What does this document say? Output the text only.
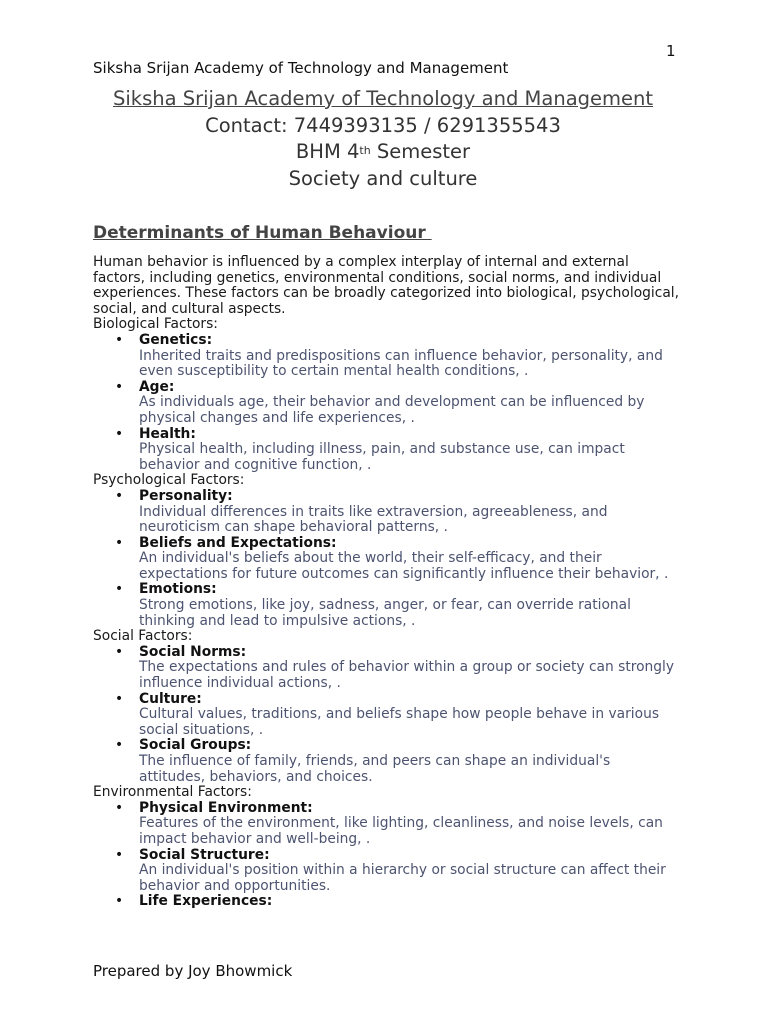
1
Siksha Srijan Academy of Technology and Management
Siksha Srijan Academy of Technology and Management
Contact: 7449393135 / 6291355543
BHM 4th Semester
Society and culture
Determinants of Human Behaviour

Human behavior is influenced by a complex interplay of internal and external factors, including genetics, environmental conditions, social norms, and individual experiences. These factors can be broadly categorized into biological, psychological, social, and cultural aspects.

Biological Factors:

• Genetics:
Inherited traits and predispositions can influence behavior, personality, and even susceptibility to certain mental health conditions, .
• Age:
As individuals age, their behavior and development can be influenced by physical changes and life experiences, .
• Health:
Physical health, including illness, pain, and substance use, can impact behavior and cognitive function, .

Psychological Factors:

• Personality:
Individual differences in traits like extraversion, agreeableness, and neuroticism can shape behavioral patterns, .
• Beliefs and Expectations:
An individual's beliefs about the world, their self-efficacy, and their expectations for future outcomes can significantly influence their behavior, .
• Emotions:
Strong emotions, like joy, sadness, anger, or fear, can override rational thinking and lead to impulsive actions, .

Social Factors:

• Social Norms:
The expectations and rules of behavior within a group or society can strongly influence individual actions, .
• Culture:
Cultural values, traditions, and beliefs shape how people behave in various social situations, .
• Social Groups:
The influence of family, friends, and peers can shape an individual's attitudes, behaviors, and choices.

Environmental Factors:

• Physical Environment:
Features of the environment, like lighting, cleanliness, and noise levels, can impact behavior and well-being, .
• Social Structure:
An individual's position within a hierarchy or social structure can affect their behavior and opportunities.
• Life Experiences:
Prepared by Joy Bhowmick
